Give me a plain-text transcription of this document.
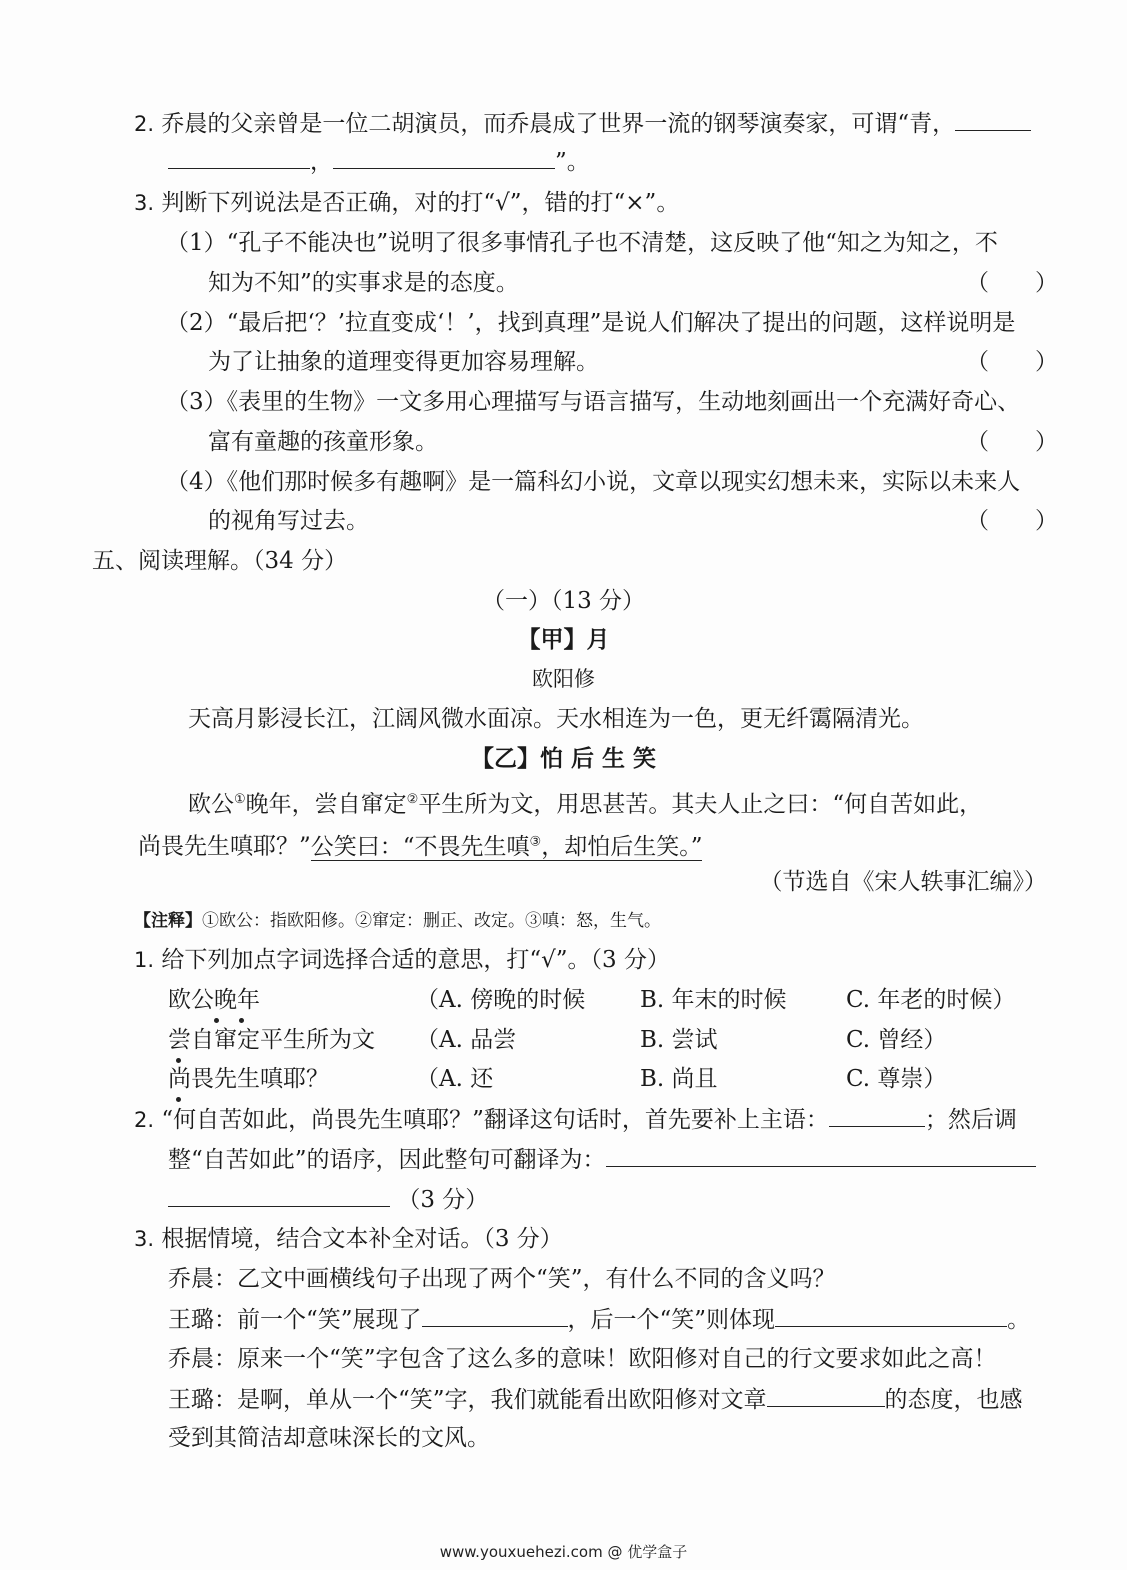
2. 乔晨的父亲曾是一位二胡演员，而乔晨成了世界一流的钢琴演奏家，可谓“青，
，	”。
3. 判断下列说法是否正确，对的打“√”，错的打“×”。
（1）“孔子不能决也”说明了很多事情孔子也不清楚，这反映了他“知之为知之，不
知为不知”的实事求是的态度。	（　　）
（2）“最后把‘？’拉直变成‘！’，找到真理”是说人们解决了提出的问题，这样说明是
为了让抽象的道理变得更加容易理解。	（　　）
（3）《表里的生物》一文多用心理描写与语言描写，生动地刻画出一个充满好奇心、
富有童趣的孩童形象。	（　　）
（4）《他们那时候多有趣啊》是一篇科幻小说，文章以现实幻想未来，实际以未来人
的视角写过去。	（　　）
五、阅读理解。（34 分）
（一）（13 分）
【甲】月
欧阳修
天高月影浸长江，江阔风微水面凉。天水相连为一色，更无纤霭隔清光。
【乙】怕 后 生 笑
欧公①晚年，尝自窜定②平生所为文，用思甚苦。其夫人止之曰：“何自苦如此，
尚畏先生嗔耶？”公笑曰：“不畏先生嗔③，却怕后生笑。”
（节选自《宋人轶事汇编》）
【注释】①欧公：指欧阳修。②窜定：删正、改定。③嗔：怒，生气。
1. 给下列加点字词选择合适的意思，打“√”。（3 分）
欧公晚年	（A. 傍晚的时候 B. 年末的时候	C. 年老的时候）
尝自窜定平生所为文 （A. 品尝	B. 尝试	C. 曾经）
尚畏先生嗔耶？	（A. 还	B. 尚且	C. 尊崇）
2. “何自苦如此，尚畏先生嗔耶？”翻译这句话时，首先要补上主语：	；然后调
整“自苦如此”的语序，因此整句可翻译为：
（3 分）
3. 根据情境，结合文本补全对话。（3 分）
乔晨：乙文中画横线句子出现了两个“笑”，有什么不同的含义吗？
王璐：前一个“笑”展现了	，后一个“笑”则体现	。
乔晨：原来一个“笑”字包含了这么多的意味！欧阳修对自己的行文要求如此之高！
王璐：是啊，单从一个“笑”字，我们就能看出欧阳修对文章	的态度，也感
受到其简洁却意味深长的文风。
www.youxuehezi.com @ 优学盒子
